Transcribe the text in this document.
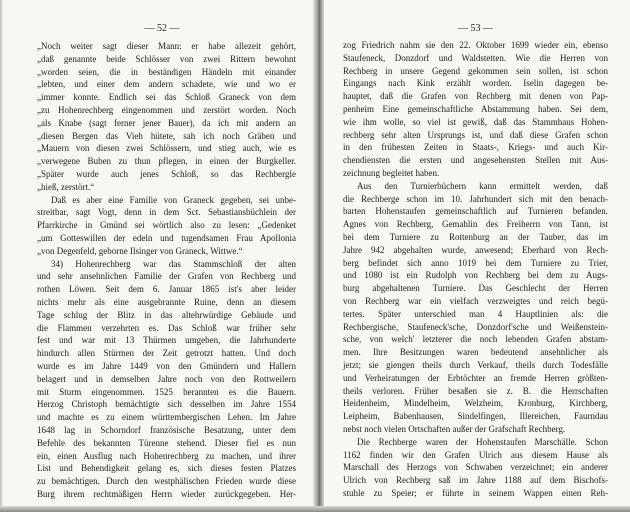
— 52 —	— 53 —
„Noch weiter sagt dieser Mann: er habe allezeit gehört,
„daß genannte beide Schlösser von zwei Rittern bewohnt
„worden seien, die in beständigen Händeln mit einander
„lebten, und einer dem andern schadete, wie und wo er
„immer konnte. Endlich sei das Schloß Graneck von dem
„zu Hohenrechberg eingenommen und zerstört worden. Noch
„als Knabe (sagt ferner jener Bauer), da ich mit andern an
„diesen Bergen das Vieh hütete, sah ich noch Gräben und
„Mauern von diesen zwei Schlössern, und stieg auch, wie es
„verwegene Buben zu thun pflegen, in einen der Burgkeller.
„Später wurde auch jenes Schloß, so das Rechbergle
„hieß, zerstört.“
Daß es aber eine Familie von Graneck gegeben, sei unbe-
streitbar, sagt Vogt, denn in dem Sct. Sebastiansbüchlein der
Pfarrkirche in Gmünd sei wörtlich also zu lesen: „Gedenket
„um Gotteswillen der edeln und tugendsamen Frau Apollonia
„von Degenfeld, geborne Ilsinger von Graneck, Wittwe.“
34) Hohenrechberg war das Stammschloß der alten
und sehr ansehnlichen Familie der Grafen von Rechberg und
rothen Löwen. Seit dem 6. Januar 1865 ist's aber leider
nichts mehr als eine ausgebrannte Ruine, denn an diesem
Tage schlug der Blitz in das altehrwürdige Gebäude und
die Flammen verzehrten es. Das Schloß war früher sehr
fest und war mit 13 Thürmen umgeben, die Jahrhunderte
hindurch allen Stürmen der Zeit getrotzt hatten. Und doch
wurde es im Jahre 1449 von den Gmündern und Hallern
belagert und in demselben Jahre noch von den Rottweilern
mit Sturm eingenommen. 1525 berannten es die Bauern.
Herzog Christoph bemächtigte sich desselben im Jahre 1554
und machte es zu einem württembergischen Lehen. Im Jahre
1648 lag in Schorndorf französische Besatzung, unter dem
Befehle des bekannten Türenne stehend. Dieser fiel es nun
ein, einen Ausflug nach Hohenrechberg zu machen, und ihrer
List und Behendigkeit gelang es, sich dieses festen Platzes
zu bemächtigen. Durch den westphälischen Frieden wurde diese
Burg ihrem rechtmäßigen Herrn wieder zurückgegeben. Her-
zog Friedrich nahm sie den 22. Oktober 1699 wieder ein, ebenso
Staufeneck, Donzdorf und Waldstetten. Wie die Herren von
Rechberg in unsere Gegend gekommen sein sollen, ist schon
Eingangs nach Kink erzählt worden. Iselin dagegen be-
hauptet, daß die Grafen von Rechberg mit denen von Pap-
penheim Eine gemeinschaftliche Abstammung haben. Sei dem,
wie ihm wolle, so viel ist gewiß, daß das Stammhaus Hohen-
rechberg sehr alten Ursprungs ist, und daß diese Grafen schon
in den frühesten Zeiten in Staats-, Kriegs- und auch Kir-
chendiensten die ersten und angesehensten Stellen mit Aus-
zeichnung begleitet haben.
Aus den Turnierbüchern kann ermittelt werden, daß
die Rechberge schon im 10. Jahrhundert sich mit den benach-
barten Hohenstaufen gemeinschaftlich auf Turnieren befanden.
Agnes von Rechberg, Gemahlin des Freiherrn von Tann, ist
bei dem Turniere zu Rottenburg an der Tauber, das im
Jahre 942 abgehalten wurde, anwesend; Eberhard von Rech-
berg befindet sich anno 1019 bei dem Turniere zu Trier,
und 1080 ist ein Rudolph von Rechberg bei dem zu Augs-
burg abgehaltenen Turniere. Das Geschlecht der Herren
von Rechberg war ein vielfach verzweigtes und reich begü-
tertes. Später unterschied man 4 Hauptlinien als: die
Rechbergische, Staufeneck'sche, Donzdorf'sche und Weißenstein-
sche, von welch' letzterer die noch lebenden Grafen abstam-
men. Ihre Besitzungen waren bedeutend ansehnlicher als
jetzt; sie giengen theils durch Verkauf, theils durch Todesfälle
und Verheiratungen der Erbtöchter an fremde Herren größten-
theils verloren. Früher besaßen sie z. B. die Herrschaften
Heidenheim, Mindelheim, Welzheim, Kronburg, Kirchberg,
Leipheim, Babenhausen, Sindelfingen, Illereichen, Faurndau
nebst noch vielen Ortschaften außer der Grafschaft Rechberg.
Die Rechberge waren der Hohenstaufen Marschälle. Schon
1162 finden wir den Grafen Ulrich aus diesem Hause als
Marschall des Herzogs von Schwaben verzeichnet; ein anderer
Ulrich von Rechberg saß im Jahre 1188 auf dem Bischofs-
stuhle zu Speier; er führte in seinem Wappen einen Reh-
